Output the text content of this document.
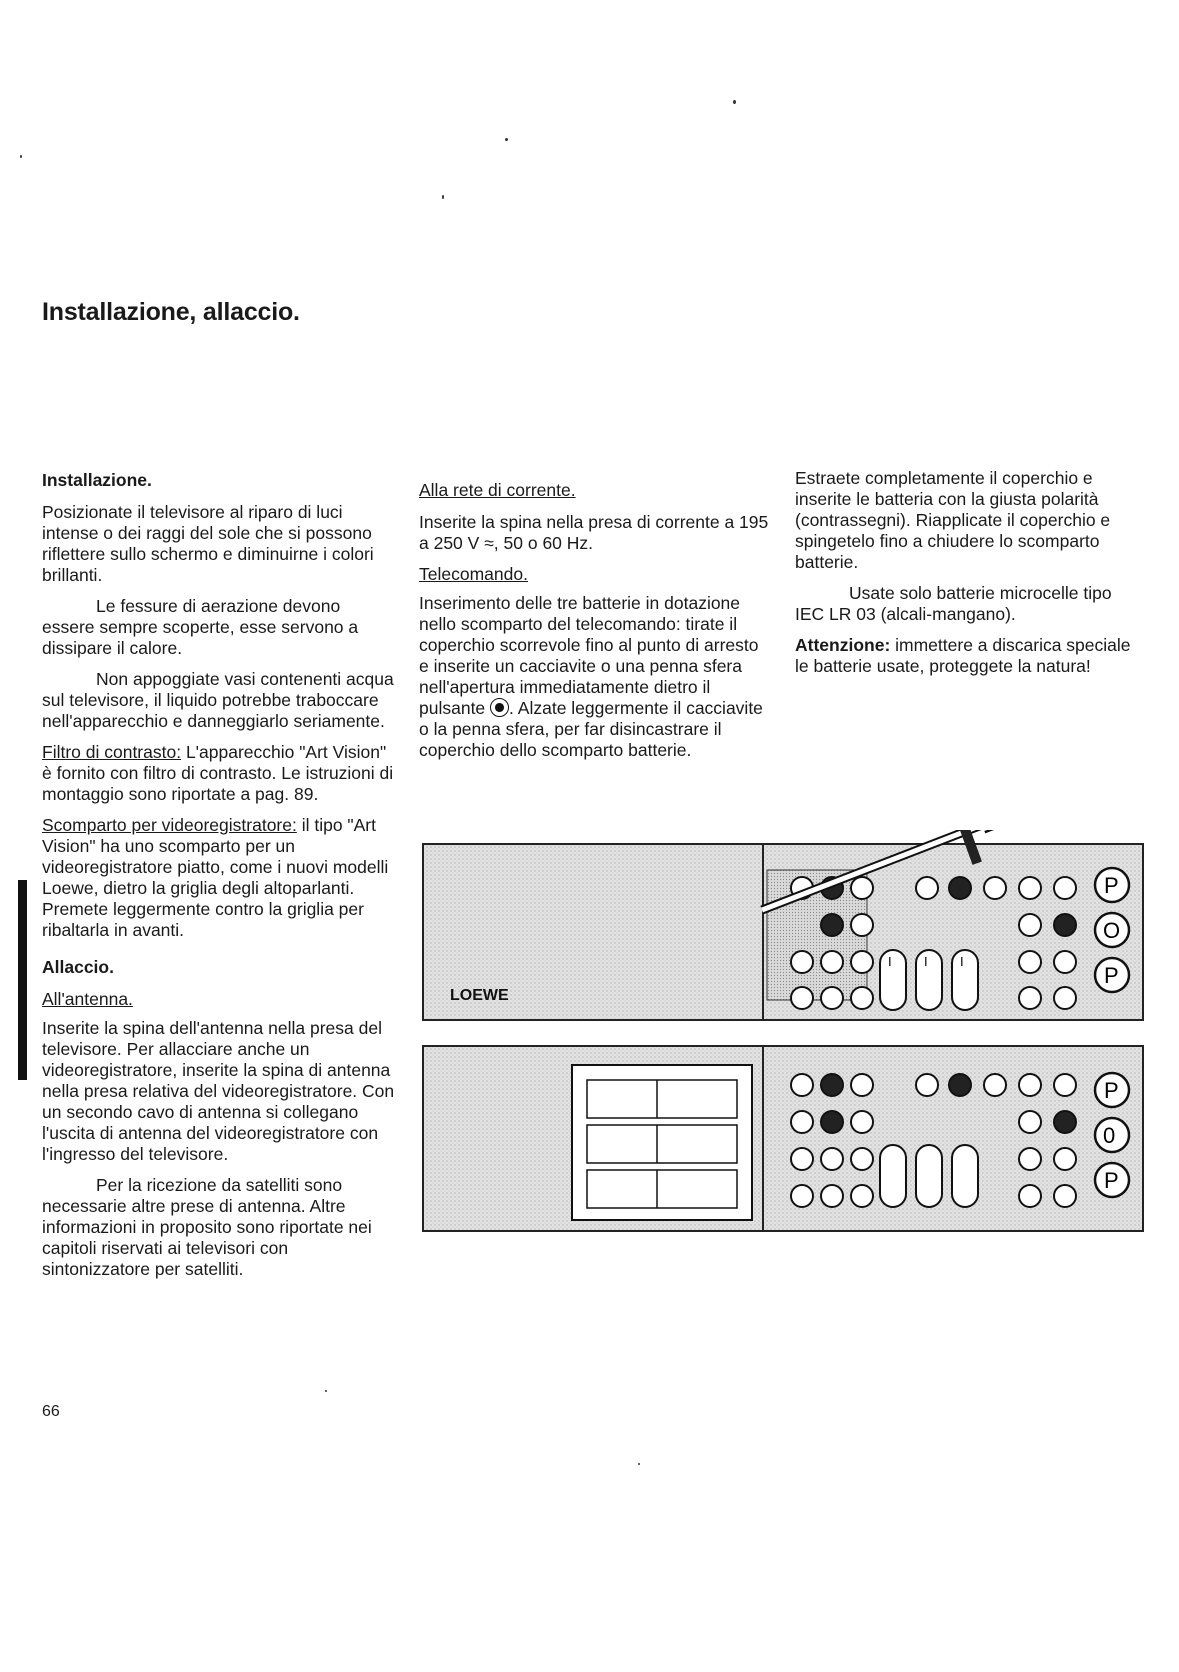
Installazione, allaccio.
Installazione.

Posizionate il televisore al riparo di luci intense o dei raggi del sole che si possono riflettere sullo schermo e diminuirne i colori brillanti.

Le fessure di aerazione devono essere sempre scoperte, esse servono a dissipare il calore.

Non appoggiate vasi contenenti acqua sul televisore, il liquido potrebbe traboccare nell'apparecchio e danneggiarlo seriamente.

Filtro di contrasto: L'apparecchio "Art Vision" è fornito con filtro di contrasto. Le istruzioni di montaggio sono riportate a pag. 89.

Scomparto per videoregistratore: il tipo "Art Vision" ha uno scomparto per un videoregistratore piatto, come i nuovi modelli Loewe, dietro la griglia degli altoparlanti. Premete leggermente contro la griglia per ribaltarla in avanti.

Allaccio.

All'antenna.

Inserite la spina dell'antenna nella presa del televisore. Per allacciare anche un videoregistratore, inserite la spina di antenna nella presa relativa del videoregistratore. Con un secondo cavo di antenna si collegano l'uscita di antenna del videoregistratore con l'ingresso del televisore.

Per la ricezione da satelliti sono necessarie altre prese di antenna. Altre informazioni in proposito sono riportate nei capitoli riservati ai televisori con sintonizzatore per satelliti.

Alla rete di corrente.

Inserite la spina nella presa di corrente a 195 a 250 V ≈, 50 o 60 Hz.

Telecomando.

Inserimento delle tre batterie in dotazione nello scomparto del telecomando: tirate il coperchio scorrevole fino al punto di arresto e inserite un cacciavite o una penna sfera nell'apertura immediatamente dietro il pulsante . Alzate leggermente il cacciavite o la penna sfera, per far disincastrare il coperchio dello scomparto batterie.

Estraete completamente il coperchio e inserite le batteria con la giusta polarità (contrassegni). Riapplicate il coperchio e spingetelo fino a chiudere lo scomparto batterie.

Usate solo batterie microcelle tipo IEC LR 03 (alcali-mangano).

Attenzione: immettere a discarica speciale le batterie usate, proteggete la natura!

LOEWE
I I I
P
O
P
P
0
P
66
